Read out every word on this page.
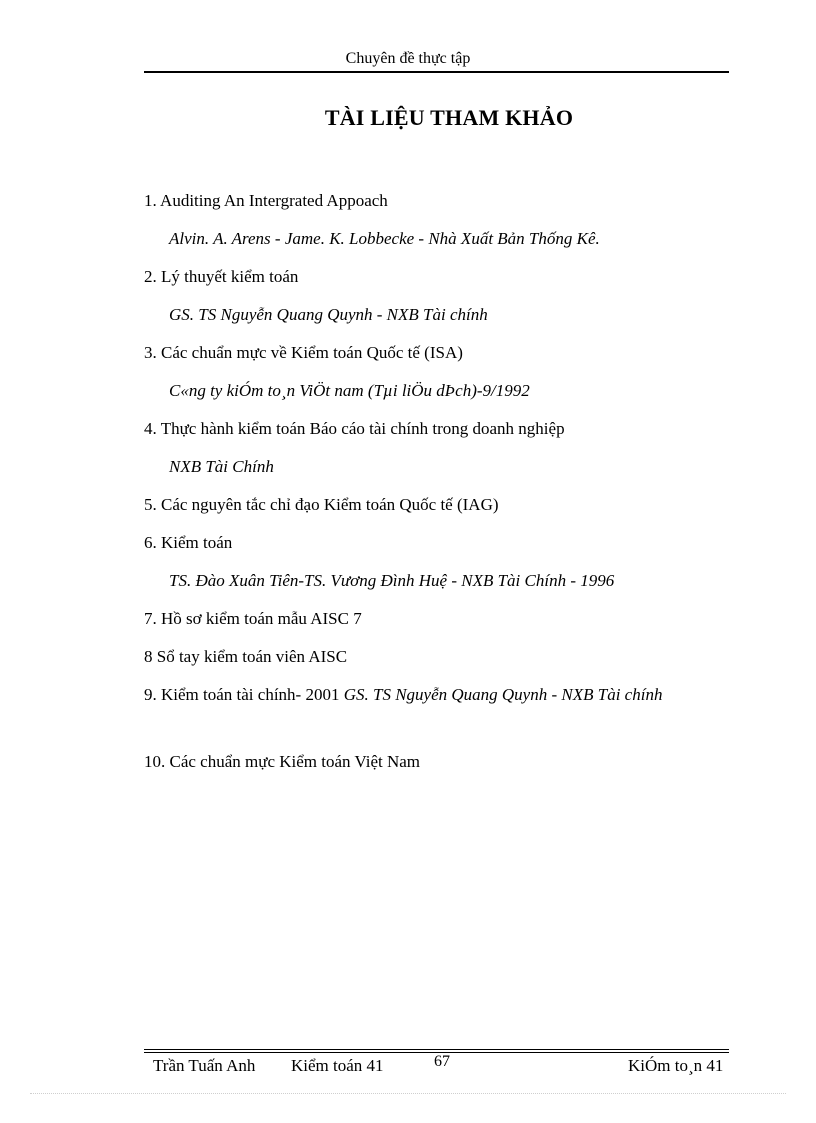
Chuyên đề thực tập
TÀI LIỆU THAM KHẢO
1. Auditing An Intergrated Appoach
Alvin. A. Arens - Jame. K. Lobbecke - Nhà Xuất Bản Thống Kê.
2. Lý thuyết kiểm toán
GS. TS Nguyễn Quang Quynh - NXB Tài chính
3. Các chuẩn mực về Kiểm toán Quốc tế (ISA)
C«ng ty kiÓm to¸n ViÖt nam (Tµi liÖu dÞch)-9/1992
4. Thực hành kiểm toán Báo cáo tài chính trong doanh nghiệp
NXB Tài Chính
5. Các nguyên tắc chỉ đạo Kiểm toán Quốc tế (IAG)
6. Kiểm toán
TS. Đào Xuân Tiên-TS. Vương Đình Huệ - NXB Tài Chính - 1996
7. Hồ sơ kiểm toán mẫu AISC 7
8 Sổ tay kiểm toán viên AISC
9. Kiểm toán tài chính- 2001 GS. TS Nguyễn Quang Quynh - NXB Tài chính
10. Các chuẩn mực Kiểm toán Việt Nam
Trần Tuấn Anh Kiểm toán 41	67	KiÓm to¸n 41
